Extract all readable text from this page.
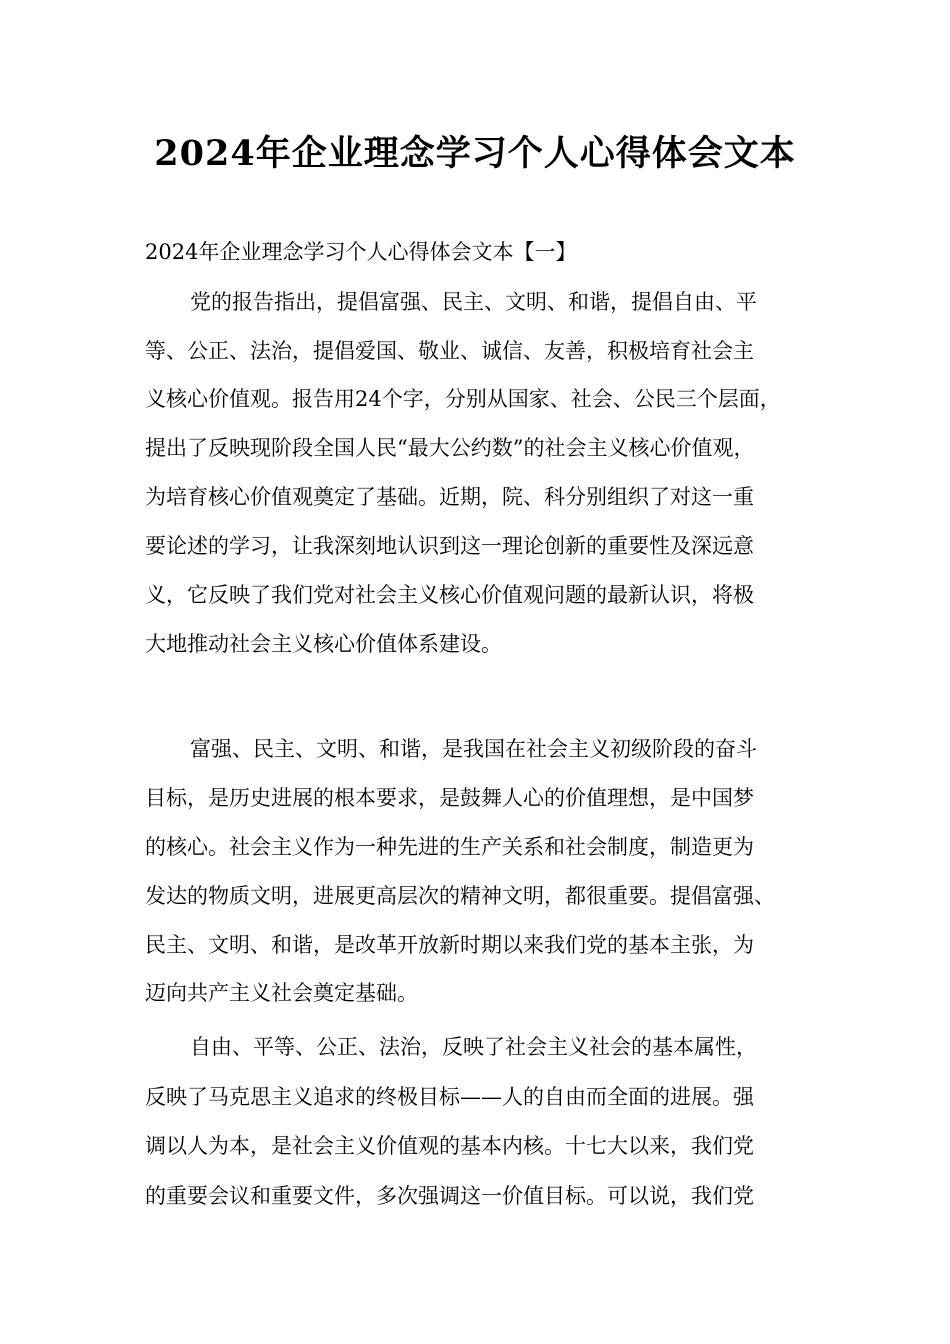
2024年企业理念学习个人心得体会文本

2024年企业理念学习个人心得体会文本【一】

党的报告指出，提倡富强、民主、文明、和谐，提倡自由、平

等、公正、法治，提倡爱国、敬业、诚信、友善，积极培育社会主

义核心价值观。报告用24个字，分别从国家、社会、公民三个层面，

提出了反映现阶段全国人民“最大公约数”的社会主义核心价值观，

为培育核心价值观奠定了基础。近期，院、科分别组织了对这一重

要论述的学习，让我深刻地认识到这一理论创新的重要性及深远意

义，它反映了我们党对社会主义核心价值观问题的最新认识，将极

大地推动社会主义核心价值体系建设。

富强、民主、文明、和谐，是我国在社会主义初级阶段的奋斗

目标，是历史进展的根本要求，是鼓舞人心的价值理想，是中国梦

的核心。社会主义作为一种先进的生产关系和社会制度，制造更为

发达的物质文明，进展更高层次的精神文明，都很重要。提倡富强、

民主、文明、和谐，是改革开放新时期以来我们党的基本主张，为

迈向共产主义社会奠定基础。

自由、平等、公正、法治，反映了社会主义社会的基本属性，

反映了马克思主义追求的终极目标——人的自由而全面的进展。强

调以人为本，是社会主义价值观的基本内核。十七大以来，我们党

的重要会议和重要文件，多次强调这一价值目标。可以说，我们党
